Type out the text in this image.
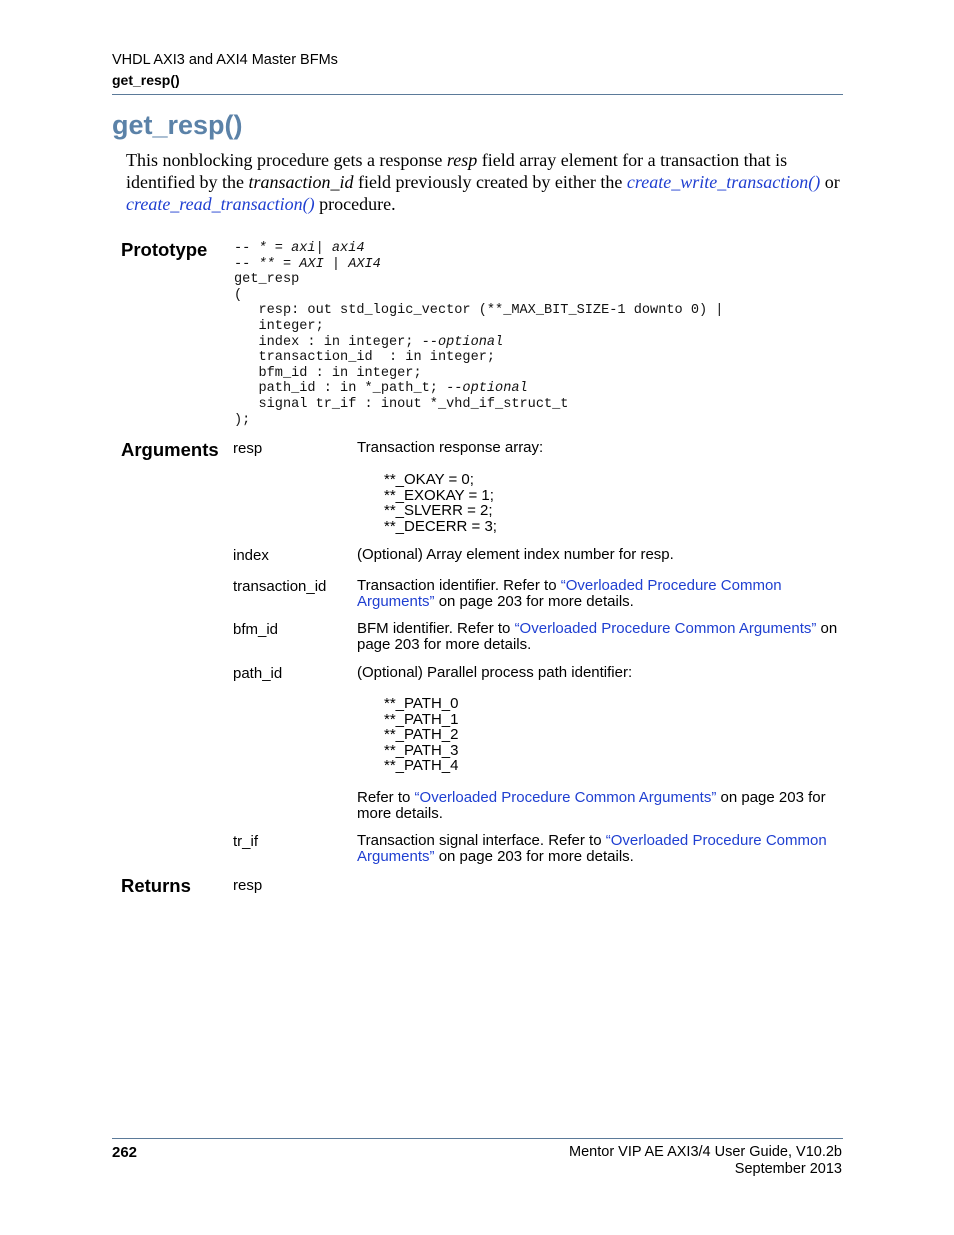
VHDL AXI3 and AXI4 Master BFMs
get_resp()
get_resp()
This nonblocking procedure gets a response resp field array element for a transaction that is identified by the transaction_id field previously created by either the create_write_transaction() or create_read_transaction() procedure.
Prototype -- * = axi| axi4
-- ** = AXI | AXI4
get_resp
(
resp: out std_logic_vector (**_MAX_BIT_SIZE-1 downto 0) |
integer;
index : in integer; --optional
transaction_id  : in integer;
bfm_id : in integer;
path_id : in *_path_t; --optional
signal tr_if : inout *_vhd_if_struct_t
);
Arguments resp	Transaction response array:
**_OKAY = 0;
**_EXOKAY = 1;
**_SLVERR = 2;
**_DECERR = 3;
index	(Optional) Array element index number for resp.
transaction_id Transaction identifier. Refer to “Overloaded Procedure Common Arguments” on page 203 for more details.
bfm_id	BFM identifier. Refer to “Overloaded Procedure Common Arguments” on page 203 for more details.
path_id	(Optional) Parallel process path identifier:
**_PATH_0
**_PATH_1
**_PATH_2
**_PATH_3
**_PATH_4
Refer to “Overloaded Procedure Common Arguments” on page 203 for more details.
tr_if	Transaction signal interface. Refer to “Overloaded Procedure Common Arguments” on page 203 for more details.
Returns	resp
262	Mentor VIP AE AXI3/4 User Guide, V10.2b
September 2013
